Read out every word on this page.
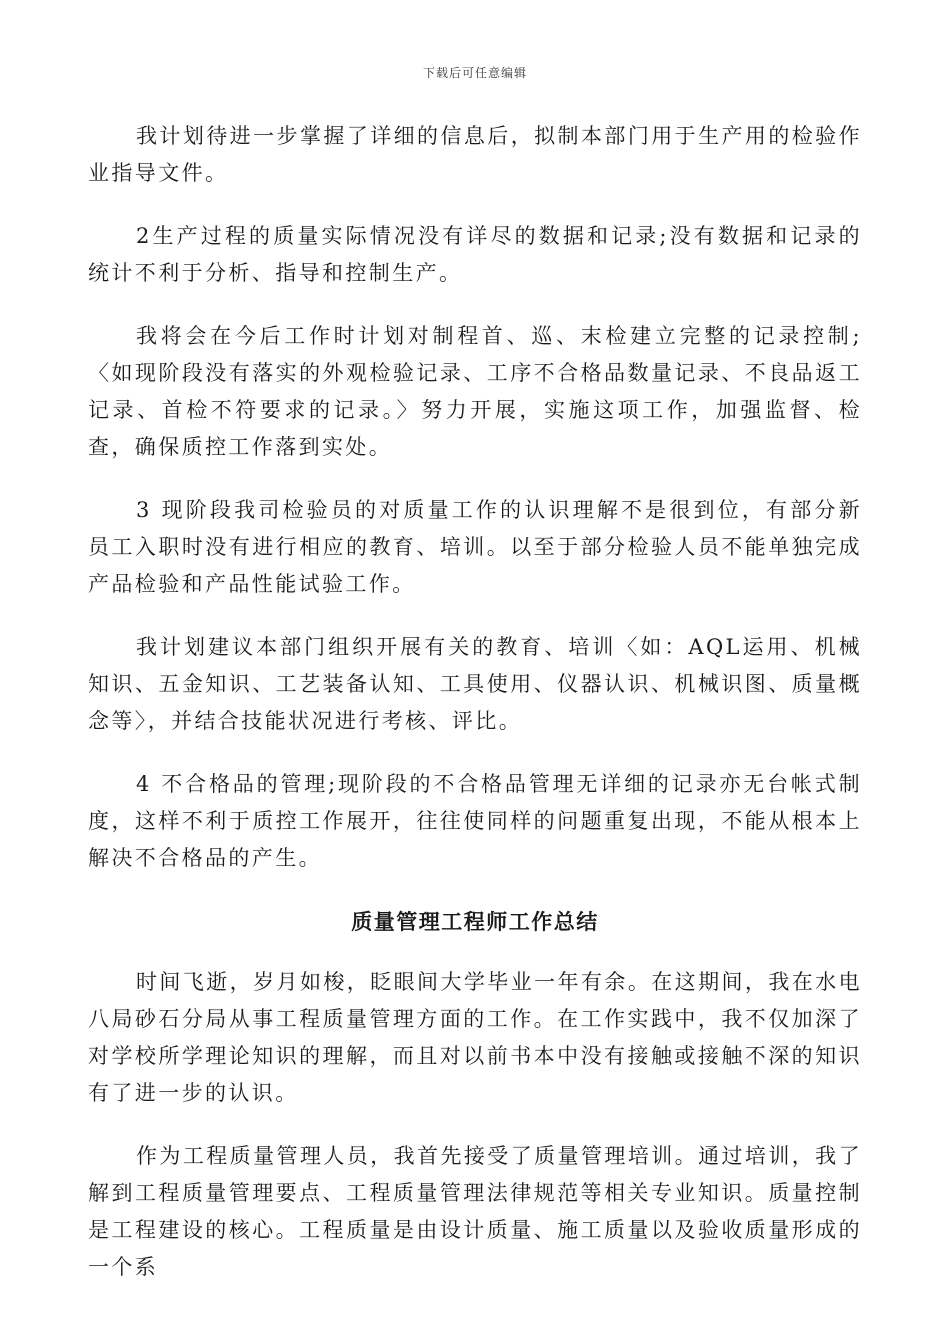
下载后可任意编辑

我计划待进一步掌握了详细的信息后，拟制本部门用于生产用的检验作业指导文件。

2生产过程的质量实际情况没有详尽的数据和记录;没有数据和记录的统计不利于分析、指导和控制生产。

我将会在今后工作时计划对制程首、巡、末检建立完整的记录控制;〈如现阶段没有落实的外观检验记录、工序不合格品数量记录、不良品返工记录、首检不符要求的记录。〉努力开展，实施这项工作，加强监督、检查，确保质控工作落到实处。

3 现阶段我司检验员的对质量工作的认识理解不是很到位，有部分新员工入职时没有进行相应的教育、培训。以至于部分检验人员不能单独完成产品检验和产品性能试验工作。

我计划建议本部门组织开展有关的教育、培训〈如：AQL运用、机械知识、五金知识、工艺装备认知、工具使用、仪器认识、机械识图、质量概念等〉，并结合技能状况进行考核、评比。

4 不合格品的管理;现阶段的不合格品管理无详细的记录亦无台帐式制度，这样不利于质控工作展开，往往使同样的问题重复出现，不能从根本上解决不合格品的产生。

质量管理工程师工作总结

时间飞逝，岁月如梭，眨眼间大学毕业一年有余。在这期间，我在水电八局砂石分局从事工程质量管理方面的工作。在工作实践中，我不仅加深了对学校所学理论知识的理解，而且对以前书本中没有接触或接触不深的知识有了进一步的认识。

作为工程质量管理人员，我首先接受了质量管理培训。通过培训，我了解到工程质量管理要点、工程质量管理法律规范等相关专业知识。质量控制是工程建设的核心。工程质量是由设计质量、施工质量以及验收质量形成的一个系
